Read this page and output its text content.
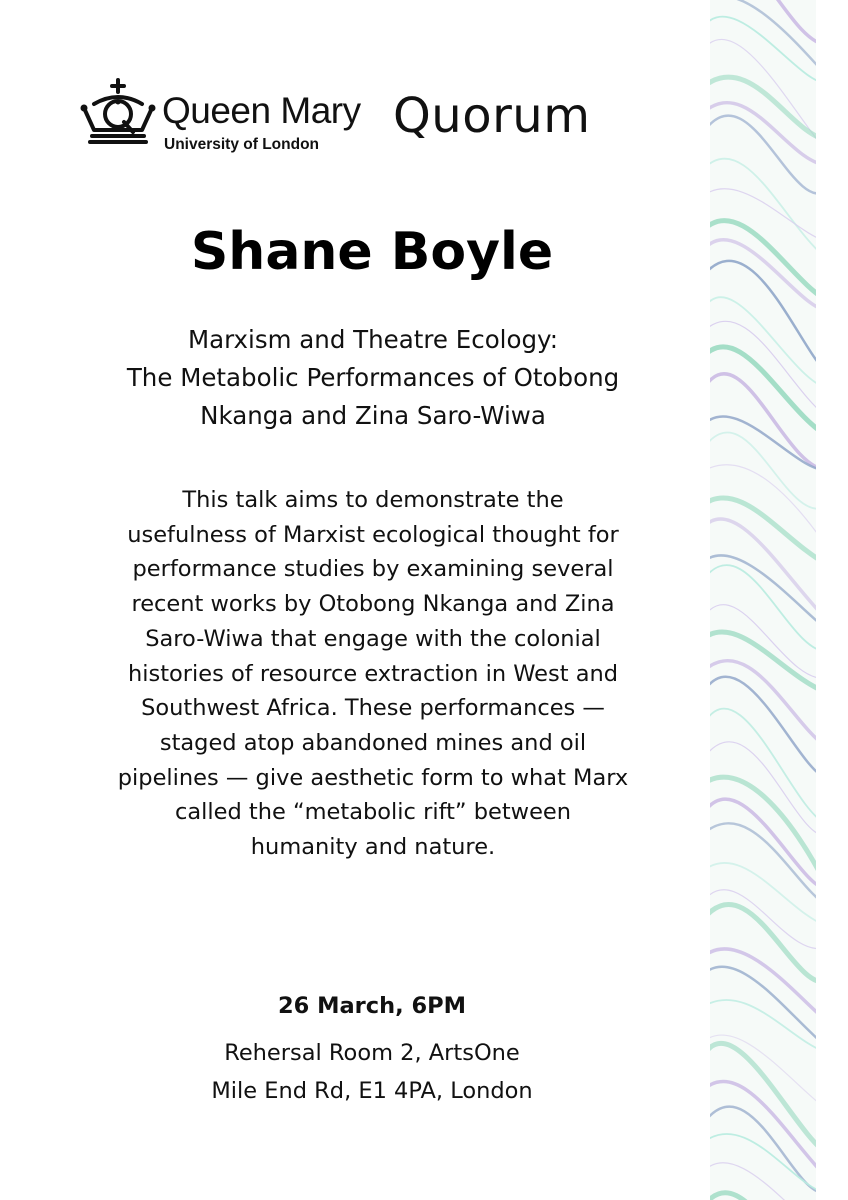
Queen Mary
University of London
Quorum
Shane Boyle
Marxism and Theatre Ecology:
The Metabolic Performances of Otobong
Nkanga and Zina Saro-Wiwa
This talk aims to demonstrate the
usefulness of Marxist ecological thought for
performance studies by examining several
recent works by Otobong Nkanga and Zina
Saro-Wiwa that engage with the colonial
histories of resource extraction in West and
Southwest Africa. These performances —
staged atop abandoned mines and oil
pipelines — give aesthetic form to what Marx
called the “metabolic rift” between
humanity and nature.
26 March, 6PM
Rehersal Room 2, ArtsOne
Mile End Rd, E1 4PA, London
